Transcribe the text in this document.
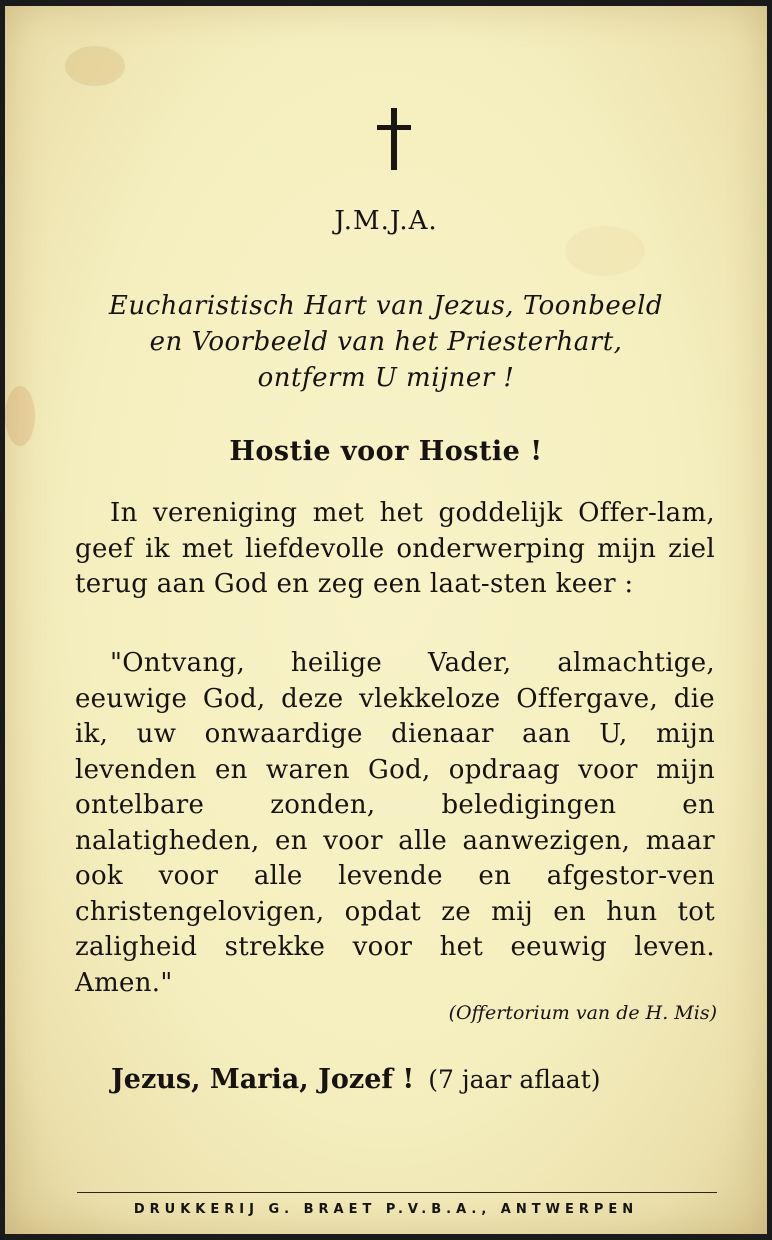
J.M.J.A.
Eucharistisch Hart van Jezus, Toonbeeld
en Voorbeeld van het Priesterhart,
ontferm U mijner !
Hostie voor Hostie !
In vereniging met het goddelijk Offer-lam, geef ik met liefdevolle onderwerping mijn ziel terug aan God en zeg een laat-sten keer :
"Ontvang, heilige Vader, almachtige, eeuwige God, deze vlekkeloze Offergave, die ik, uw onwaardige dienaar aan U, mijn levenden en waren God, opdraag voor mijn ontelbare zonden, beledigingen en nalatigheden, en voor alle aanwezigen, maar ook voor alle levende en afgestor-ven christengelovigen, opdat ze mij en hun tot zaligheid strekke voor het eeuwig leven. Amen."
(Offertorium van de H. Mis)
Jezus, Maria, Jozef ! (7 jaar aflaat)
DRUKKERIJ G. BRAET P.V.B.A., ANTWERPEN
